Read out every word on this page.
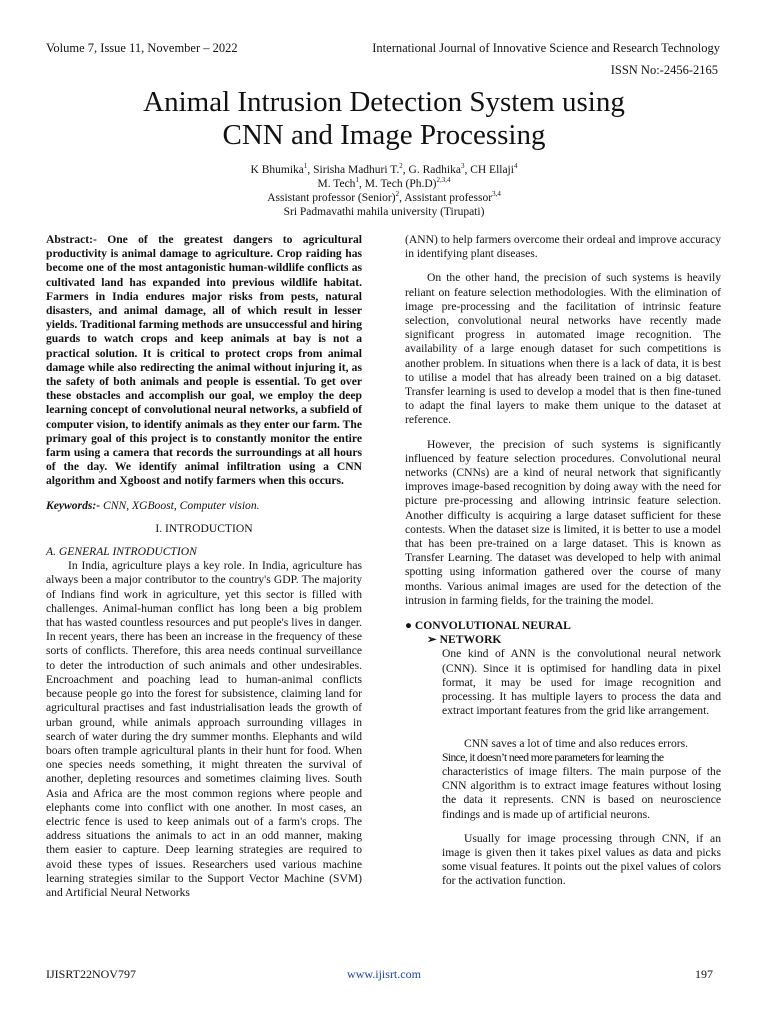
Volume 7, Issue 11, November – 2022	International Journal of Innovative Science and Research Technology
ISSN No:-2456-2165
Animal Intrusion Detection System using
CNN and Image Processing
K Bhumika$^1$, Sirisha Madhuri T.$^2$, G. Radhika$^3$, CH Ellaji$^4$
M. Tech$^1$, M. Tech $(Ph.D)^{2,3,4}$
Assistant professor (Senior)$^2$, Assistant professor$^{3,4}$
Sri Padmavathi mahila university (Tirupati)

Abstract:- One of the greatest dangers to agricultural productivity is animal damage to agriculture. Crop raiding has become one of the most antagonistic human-wildlife conflicts as cultivated land has expanded into previous wildlife habitat. Farmers in India endures major risks from pests, natural disasters, and animal damage, all of which result in lesser yields. Traditional farming methods are unsuccessful and hiring guards to watch crops and keep animals at bay is not a practical solution. It is critical to protect crops from animal damage while also redirecting the animal without injuring it, as the safety of both animals and people is essential. To get over these obstacles and accomplish our goal, we employ the deep learning concept of convolutional neural networks, a subfield of computer vision, to identify animals as they enter our farm. The primary goal of this project is to constantly monitor the entire farm using a camera that records the surroundings at all hours of the day. We identify animal infiltration using a CNN algorithm and Xgboost and notify farmers when this occurs.

Keywords:- CNN, XGBoost, Computer vision.

I. INTRODUCTION

A. GENERAL INTRODUCTION

In India, agriculture plays a key role. In India, agriculture has always been a major contributor to the country's GDP. The majority of Indians find work in agriculture, yet this sector is filled with challenges. Animal-human conflict has long been a big problem that has wasted countless resources and put people's lives in danger. In recent years, there has been an increase in the frequency of these sorts of conflicts. Therefore, this area needs continual surveillance to deter the introduction of such animals and other undesirables. Encroachment and poaching lead to human-animal conflicts because people go into the forest for subsistence, claiming land for agricultural practises and fast industrialisation leads the growth of urban ground, while animals approach surrounding villages in search of water during the dry summer months. Elephants and wild boars often trample agricultural plants in their hunt for food. When one species needs something, it might threaten the survival of another, depleting resources and sometimes claiming lives. South Asia and Africa are the most common regions where people and elephants come into conflict with one another. In most cases, an electric fence is used to keep animals out of a farm's crops. The address situations the animals to act in an odd manner, making them easier to capture. Deep learning strategies are required to avoid these types of issues. Researchers used various machine learning strategies similar to the Support Vector Machine (SVM) and Artificial Neural Networks

(ANN) to help farmers overcome their ordeal and improve accuracy in identifying plant diseases.

On the other hand, the precision of such systems is heavily reliant on feature selection methodologies. With the elimination of image pre-processing and the facilitation of intrinsic feature selection, convolutional neural networks have recently made significant progress in automated image recognition. The availability of a large enough dataset for such competitions is another problem. In situations when there is a lack of data, it is best to utilise a model that has already been trained on a big dataset. Transfer learning is used to develop a model that is then fine-tuned to adapt the final layers to make them unique to the dataset at reference.

However, the precision of such systems is significantly influenced by feature selection procedures. Convolutional neural networks (CNNs) are a kind of neural network that significantly improves image-based recognition by doing away with the need for picture pre-processing and allowing intrinsic feature selection. Another difficulty is acquiring a large dataset sufficient for these contests. When the dataset size is limited, it is better to use a model that has been pre-trained on a large dataset. This is known as Transfer Learning. The dataset was developed to help with animal spotting using information gathered over the course of many months. Various animal images are used for the detection of the intrusion in farming fields, for the training the model.

● CONVOLUTIONAL NEURAL

➢ NETWORK

One kind of ANN is the convolutional neural network (CNN). Since it is optimised for handling data in pixel format, it may be used for image recognition and processing. It has multiple layers to process the data and extract important features from the grid like arrangement.

CNN saves a lot of time and also reduces errors.

Since, it doesn’t need more parameters for learning the

characteristics of image filters. The main purpose of the CNN algorithm is to extract image features without losing the data it represents. CNN is based on neuroscience findings and is made up of artificial neurons.

Usually for image processing through CNN, if an image is given then it takes pixel values as data and picks some visual features. It points out the pixel values of colors for the activation function.

IJISRT22NOV797	www.ijisrt.com	197
